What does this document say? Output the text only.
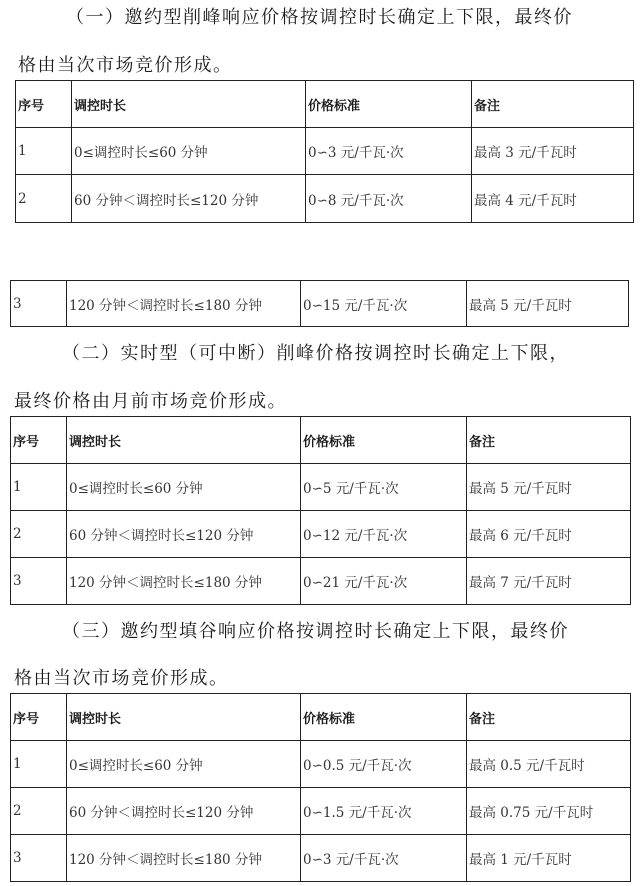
（一）邀约型削峰响应价格按调控时长确定上下限，最终价
格由当次市场竞价形成。
序号	调控时长	价格标准	备注
1	0≤调控时长≤60 分钟	0∽3 元/千瓦·次	最高 3 元/千瓦时
2	60 分钟＜调控时长≤120 分钟	0∽8 元/千瓦·次	最高 4 元/千瓦时
3	120 分钟＜调控时长≤180 分钟	0∽15 元/千瓦·次	最高 5 元/千瓦时
（二）实时型（可中断）削峰价格按调控时长确定上下限，
最终价格由月前市场竞价形成。
序号	调控时长	价格标准	备注
1	0≤调控时长≤60 分钟	0∽5 元/千瓦·次	最高 5 元/千瓦时
2	60 分钟＜调控时长≤120 分钟	0∽12 元/千瓦·次	最高 6 元/千瓦时
3	120 分钟＜调控时长≤180 分钟	0∽21 元/千瓦·次	最高 7 元/千瓦时
（三）邀约型填谷响应价格按调控时长确定上下限，最终价
格由当次市场竞价形成。
序号	调控时长	价格标准	备注
1	0≤调控时长≤60 分钟	0∽0.5 元/千瓦·次	最高 0.5 元/千瓦时
2	60 分钟＜调控时长≤120 分钟	0∽1.5 元/千瓦·次	最高 0.75 元/千瓦时
3	120 分钟＜调控时长≤180 分钟	0∽3 元/千瓦·次	最高 1 元/千瓦时
